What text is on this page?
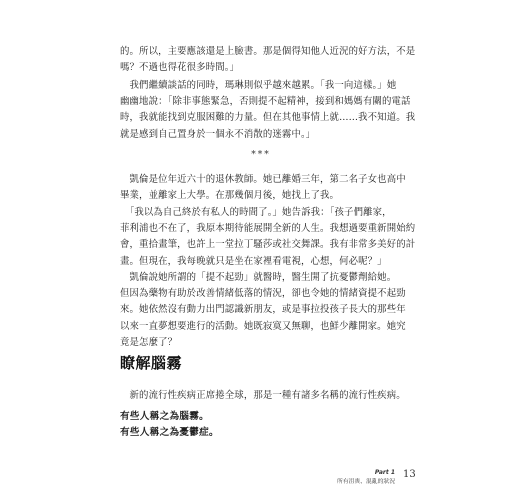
的。所以，主要應該還是上臉書。那是個得知他人近況的好方法，不是
嗎？不過也得花很多時間。」

　我們繼續談話的同時，瑪琳則似乎越來越累。「我一向這樣。」她
幽幽地說：「除非事態緊急，否則提不起精神，接到和媽媽有關的電話
時，我就能找到克服困難的力量。但在其他事情上就……我不知道。我
就是感到自己置身於一個永不消散的迷霧中。」

***

　凱倫是位年近六十的退休教師。她已離婚三年，第二名子女也高中
畢業，並離家上大學。在那幾個月後，她找上了我。

　「我以為自己終於有私人的時間了。」她告訴我：「孩子們離家，
菲利浦也不在了，我原本期待能展開全新的人生。我想過要重新開始約
會，重拾畫筆，也許上一堂拉丁騷莎或社交舞課。我有非常多美好的計
畫。但現在，我每晚就只是坐在家裡看電視，心想，何必呢？」

　凱倫說她所謂的「提不起勁」就醫時，醫生開了抗憂鬱劑給她。
但因為藥物有助於改善情緒低落的情況，卻也令她的情緒資提不起勁
來。她依然沒有動力出門認識新朋友，或是事拉投孩子長大的那些年
以來一直夢想要進行的活動。她既寂寞又無聊，也鮮少離開家。她究
竟是怎麼了？

瞭解腦霧

　新的流行性疾病正席捲全球，那是一種有諸多名稱的流行性疾病。

有些人稱之為腦霧。
有些人稱之為憂鬱症。
Part 1
所有沮喪、混亂的狀況
13
